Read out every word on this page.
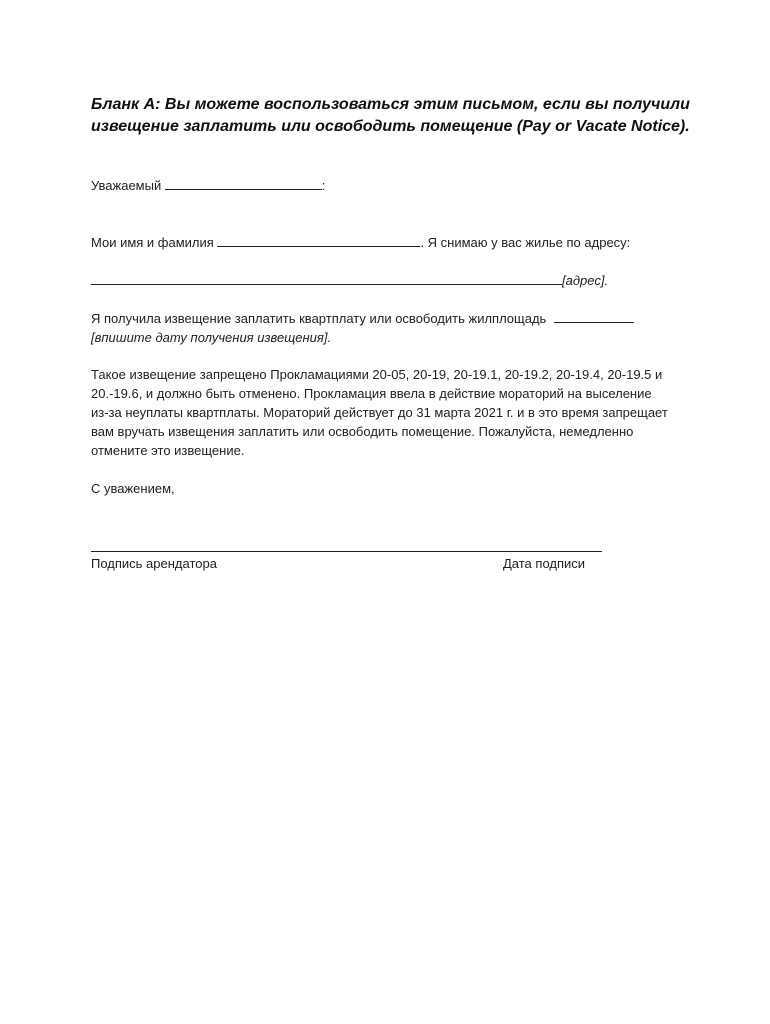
Бланк A: Вы можете воспользоваться этим письмом, если вы получили извещение заплатить или освободить помещение (Pay or Vacate Notice).
Уважаемый	:
Мои имя и фамилия	. Я снимаю у вас жилье по адресу:
[адрес].
Я получила извещение заплатить квартплату или освободить жилплощадь
[впишите дату получения извещения].
Такое извещение запрещено Прокламациями 20-05, 20-19, 20-19.1, 20-19.2, 20-19.4, 20-19.5 и 20.-19.6, и должно быть отменено. Прокламация ввела в действие мораторий на выселение из-за неуплаты квартплаты. Мораторий действует до 31 марта 2021 г. и в это время запрещает вам вручать извещения заплатить или освободить помещение. Пожалуйста, немедленно отмените это извещение.
С уважением,
Подпись арендатора	Дата подписи
